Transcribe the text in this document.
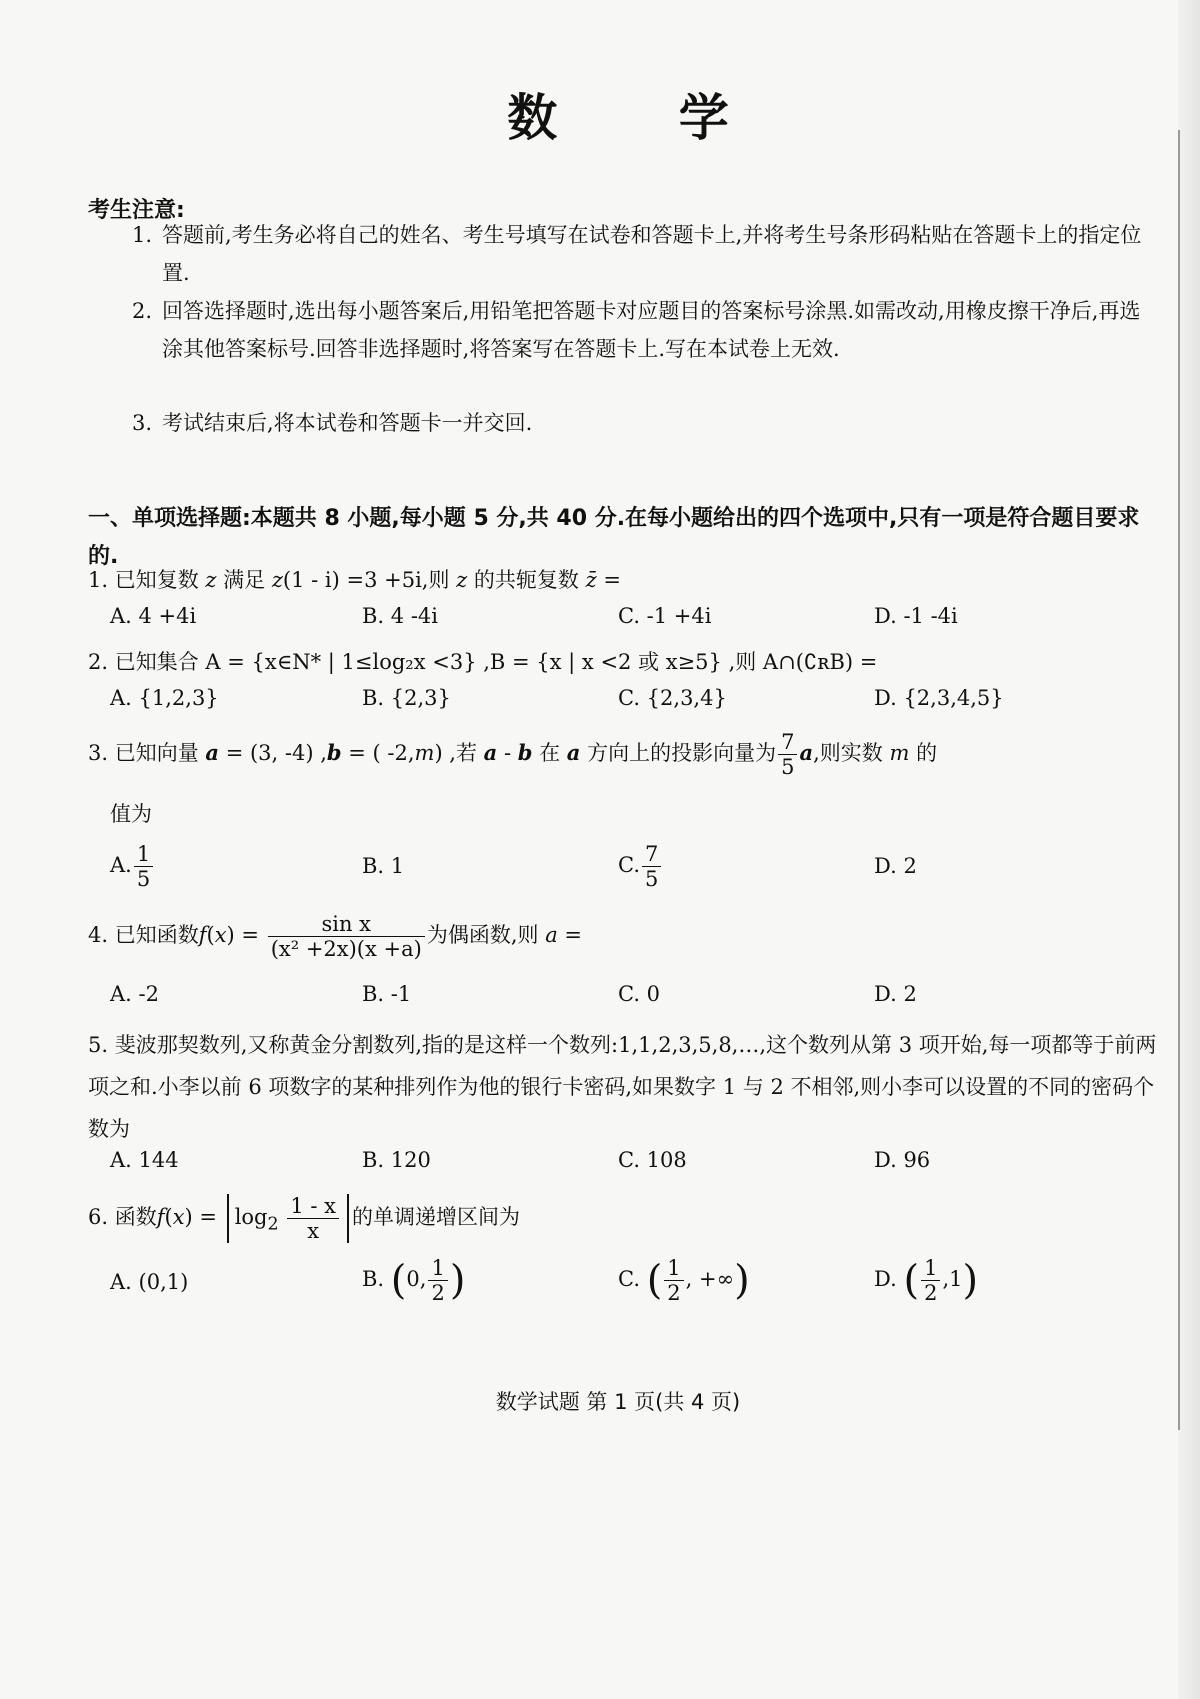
数 学
考生注意:
1. 答题前,考生务必将自己的姓名、考生号填写在试卷和答题卡上,并将考生号条形码粘贴在答题卡上的指定位置.
2. 回答选择题时,选出每小题答案后,用铅笔把答题卡对应题目的答案标号涂黑.如需改动,用橡皮擦干净后,再选涂其他答案标号.回答非选择题时,将答案写在答题卡上.写在本试卷上无效.
3. 考试结束后,将本试卷和答题卡一并交回.
一、单项选择题:本题共 8 小题,每小题 5 分,共 40 分.在每小题给出的四个选项中,只有一项是符合题目要求的.
1. 已知复数 z 满足 z(1 - i) =3 +5i,则 z 的共轭复数 z̄ =
A. 4 +4i	B. 4 -4i	C. -1 +4i	D. -1 -4i
2. 已知集合 A = {x∈N* | 1≤log₂x <3} ,B = {x | x <2 或 x≥5} ,则 A∩(∁ʀB) =
A. {1,2,3}	B. {2,3}	C. {2,3,4}	D. {2,3,4,5}
3. 已知向量 a = (3, -4) ,b = ( -2,m) ,若 a - b 在 a 方向上的投影向量为 $\frac{7}{5} a$,则实数 m 的
值为
A. $\frac{1}{5}$	B. 1	C. $\frac{7}{5}$	D. 2
4. 已知函数$f(x) = \frac{\text{sin x}}{\text{(x² +2x)(x +a)}}$ 为偶函数,则 a =
A. -2	B. -1	C. 0	D. 2
5. 斐波那契数列,又称黄金分割数列,指的是这样一个数列:1,1,2,3,5,8,…,这个数列从第 3 项开始,每一项都等于前两项之和.小李以前 6 项数字的某种排列作为他的银行卡密码,如果数字 1 与 2 不相邻,则小李可以设置的不同的密码个数为
A. 144	B. 120	C. 108	D. 96
6. 函数$f(x) = \log_2 \frac{1 - x}{x}$ 的单调递增区间为
A. (0,1)	B. (0, $\frac{1}{2}$ )	C. ( $\frac{1}{2}$ , +∞)	D. ( $\frac{1}{2} ,1$)
数学试题 第 1 页(共 4 页)
